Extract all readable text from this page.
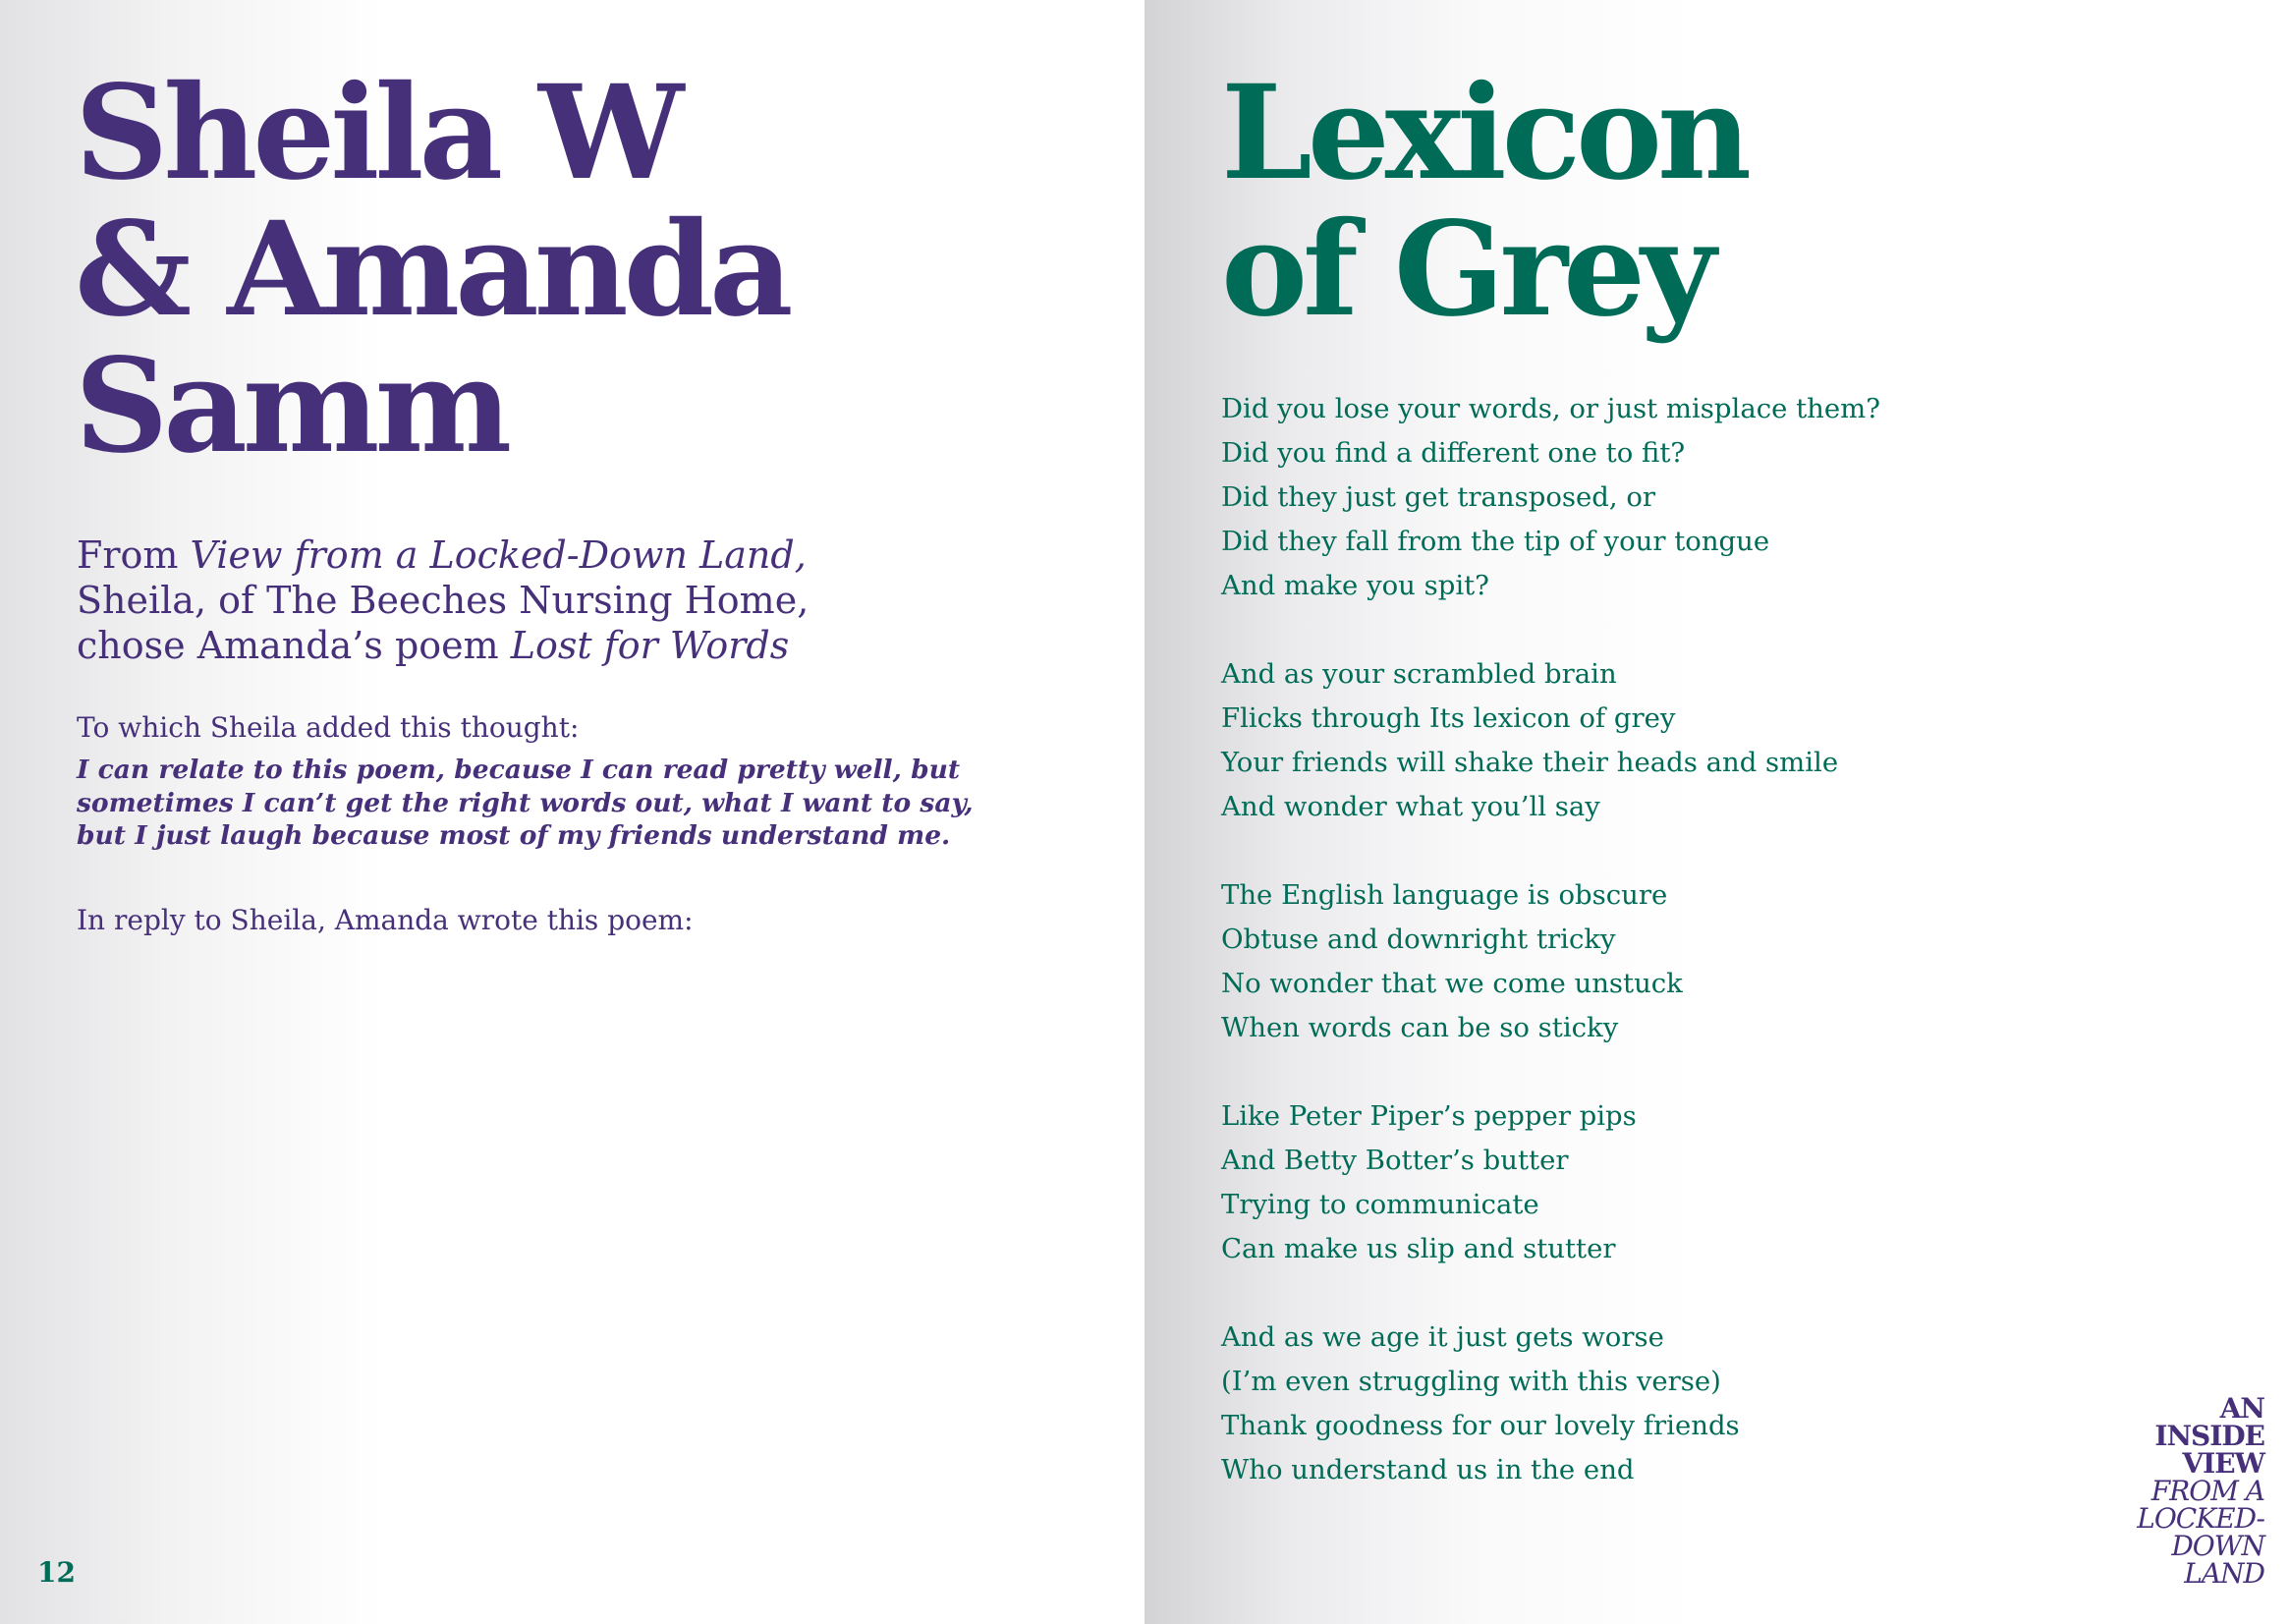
Sheila W
& Amanda
Samm

From View from a Locked-Down Land,
Sheila, of The Beeches Nursing Home,
chose Amanda’s poem Lost for Words

To which Sheila added this thought:

I can relate to this poem, because I can read pretty well, but
sometimes I can’t get the right words out, what I want to say,
but I just laugh because most of my friends understand me.

In reply to Sheila, Amanda wrote this poem:

12
Lexicon
of Grey
Did you lose your words, or just misplace them?
Did you find a different one to fit?
Did they just get transposed, or
Did they fall from the tip of your tongue
And make you spit?
And as your scrambled brain
Flicks through Its lexicon of grey
Your friends will shake their heads and smile
And wonder what you’ll say
The English language is obscure
Obtuse and downright tricky
No wonder that we come unstuck
When words can be so sticky
Like Peter Piper’s pepper pips
And Betty Botter’s butter
Trying to communicate
Can make us slip and stutter
And as we age it just gets worse
(I’m even struggling with this verse)
Thank goodness for our lovely friends
Who understand us in the end
AN
INSIDE
VIEW
FROM A
LOCKED-
DOWN
LAND
